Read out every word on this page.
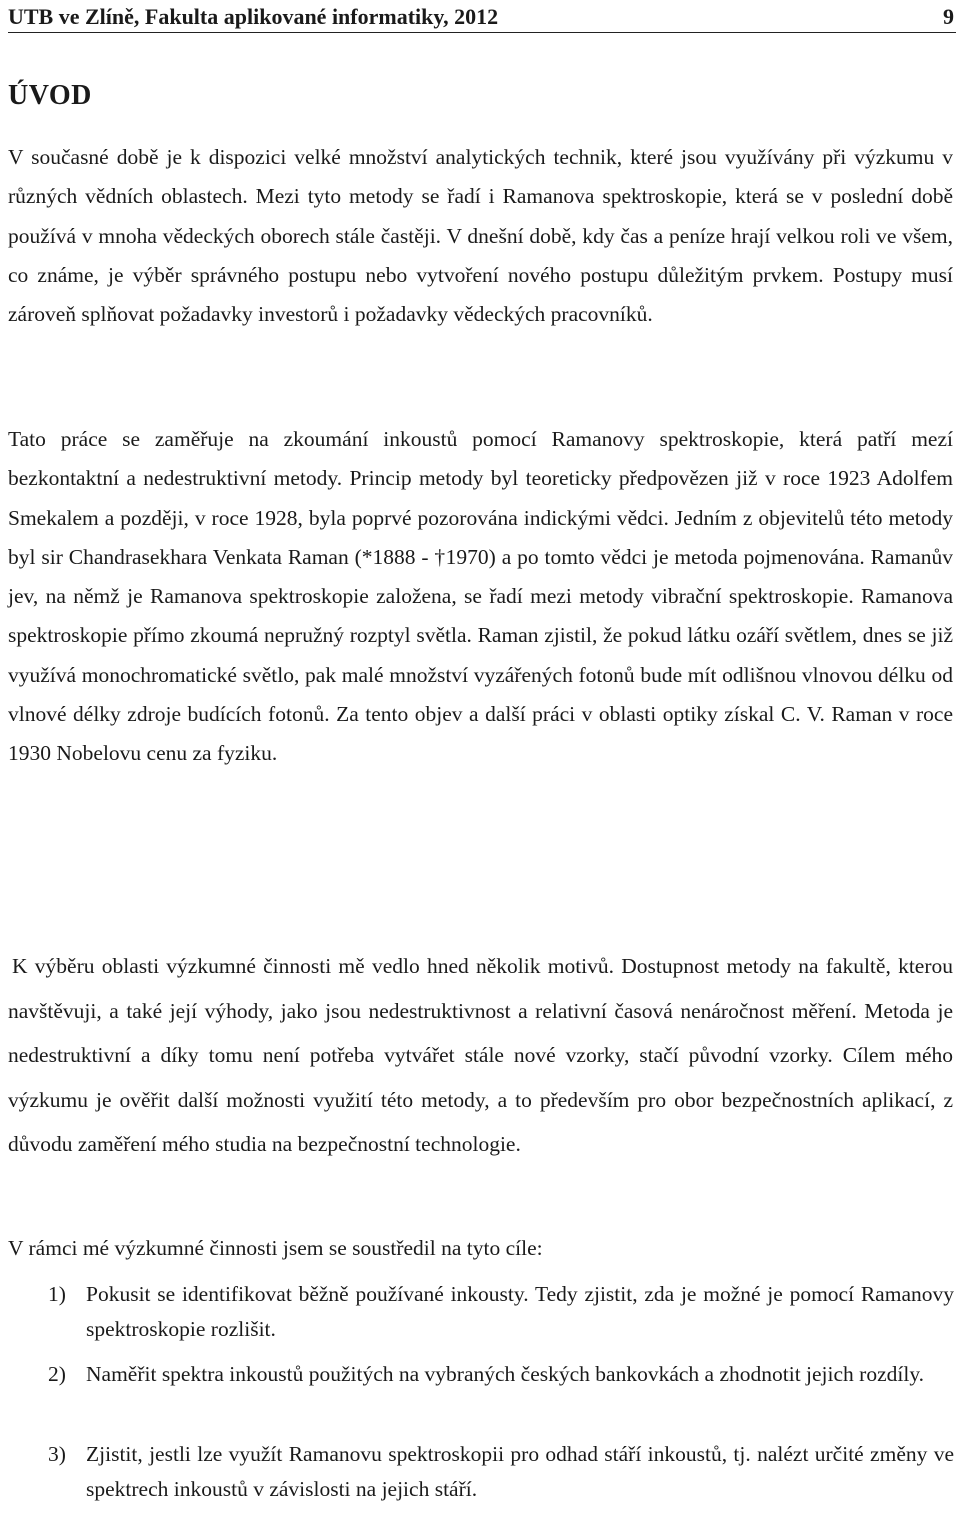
UTB ve Zlíně, Fakulta aplikované informatiky, 2012	9
ÚVOD

V současné době je k dispozici velké množství analytických technik, které jsou využívány při výzkumu v různých vědních oblastech. Mezi tyto metody se řadí i Ramanova spektroskopie, která se v poslední době používá v mnoha vědeckých oborech stále častěji. V dnešní době, kdy čas a peníze hrají velkou roli ve všem, co známe, je výběr správného postupu nebo vytvoření nového postupu důležitým prvkem. Postupy musí zároveň splňovat požadavky investorů i požadavky vědeckých pracovníků.

Tato práce se zaměřuje na zkoumání inkoustů pomocí Ramanovy spektroskopie, která patří mezí bezkontaktní a nedestruktivní metody. Princip metody byl teoreticky předpovězen již v roce 1923 Adolfem Smekalem a později, v roce 1928, byla poprvé pozorována indickými vědci. Jedním z objevitelů této metody byl sir Chandrasekhara Venkata Raman (*1888 - †1970) a po tomto vědci je metoda pojmenována. Ramanův jev, na němž je Ramanova spektroskopie založena, se řadí mezi metody vibrační spektroskopie. Ramanova spektroskopie přímo zkoumá nepružný rozptyl světla. Raman zjistil, že pokud látku ozáří světlem, dnes se již využívá monochromatické světlo, pak malé množství vyzářených fotonů bude mít odlišnou vlnovou délku od vlnové délky zdroje budících fotonů. Za tento objev a další práci v oblasti optiky získal C. V. Raman v roce 1930 Nobelovu cenu za fyziku.

K výběru oblasti výzkumné činnosti mě vedlo hned několik motivů. Dostupnost metody na fakultě, kterou navštěvuji, a také její výhody, jako jsou nedestruktivnost a relativní časová nenáročnost měření. Metoda je nedestruktivní a díky tomu není potřeba vytvářet stále nové vzorky, stačí původní vzorky. Cílem mého výzkumu je ověřit další možnosti využití této metody, a to především pro obor bezpečnostních aplikací, z důvodu zaměření mého studia na bezpečnostní technologie.

V rámci mé výzkumné činnosti jsem se soustředil na tyto cíle:

1) Pokusit se identifikovat běžně používané inkousty. Tedy zjistit, zda je možné je pomocí Ramanovy spektroskopie rozlišit.
2) Naměřit spektra inkoustů použitých na vybraných českých bankovkách a zhodnotit jejich rozdíly.
3) Zjistit, jestli lze využít Ramanovu spektroskopii pro odhad stáří inkoustů, tj. nalézt určité změny ve spektrech inkoustů v závislosti na jejich stáří.
